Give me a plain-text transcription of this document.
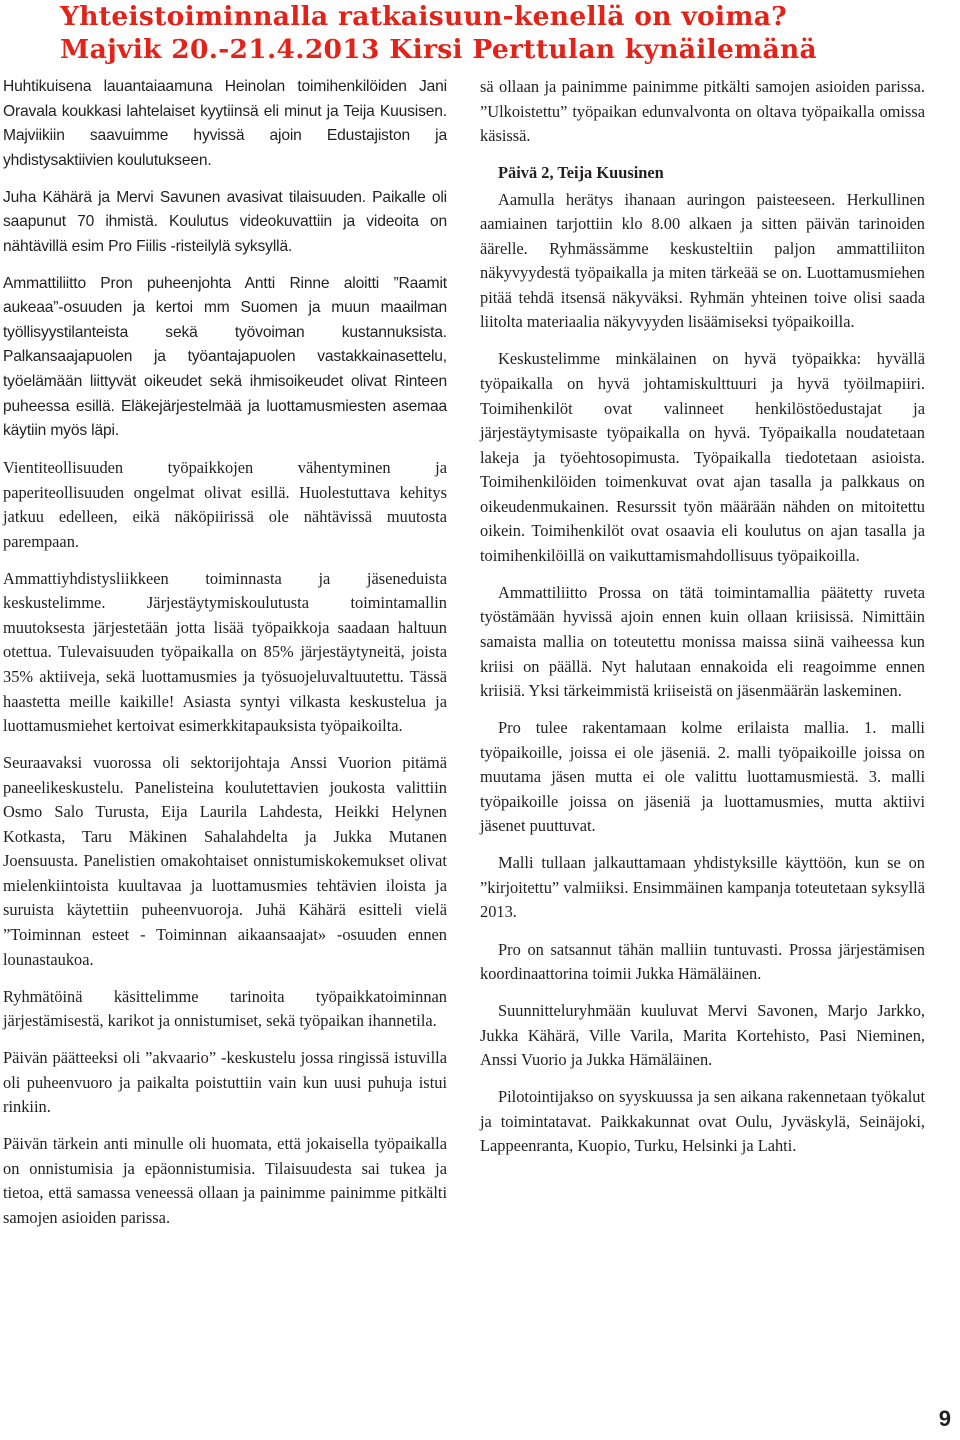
Yhteistoiminnalla ratkaisuun-kenellä on voima?
Majvik 20.-21.4.2013 Kirsi Perttulan kynäilemänä

Huhtikuisena lauantaiaamuna Heinolan toimihenkilöiden Jani Oravala koukkasi lahtelaiset kyytiinsä eli minut ja Teija Kuusisen. Majviikiin saavuimme hyvissä ajoin Edustajiston ja yhdistysaktiivien koulutukseen.

Juha Kähärä ja Mervi Savunen avasivat tilaisuuden. Paikalle oli saapunut 70 ihmistä. Koulutus videokuvattiin ja videoita on nähtävillä esim Pro Fiilis -risteilylä syksyllä.

Ammattiliitto Pron puheenjohta Antti Rinne aloitti ”Raamit aukeaa”-osuuden ja kertoi mm Suomen ja muun maailman työllisyystilanteista sekä työvoiman kustannuksista. Palkansaajapuolen ja työantajapuolen vastakkainasettelu, työelämään liittyvät oikeudet sekä ihmisoikeudet olivat Rinteen puheessa esillä. Eläkejärjestelmää ja luottamusmiesten asemaa käytiin myös läpi.

Vientiteollisuuden työpaikkojen vähentyminen ja paperiteollisuuden ongelmat olivat esillä. Huolestuttava kehitys jatkuu edelleen, eikä näköpiirissä ole nähtävissä muutosta parempaan.

Ammattiyhdistysliikkeen toiminnasta ja jäseneduista keskustelimme. Järjestäytymiskoulutusta toimintamallin muutoksesta järjestetään jotta lisää työpaikkoja saadaan haltuun otettua. Tulevaisuuden työpaikalla on 85% järjestäytyneitä, joista 35% aktiiveja, sekä luottamusmies ja työsuojeluvaltuutettu. Tässä haastetta meille kaikille! Asiasta syntyi vilkasta keskustelua ja luottamusmiehet kertoivat esimerkkitapauksista työpaikoilta.

Seuraavaksi vuorossa oli sektorijohtaja Anssi Vuorion pitämä paneelikeskustelu. Panelisteina koulutettavien joukosta valittiin Osmo Salo Turusta, Eija Laurila Lahdesta, Heikki Helynen Kotkasta, Taru Mäkinen Sahalahdelta ja Jukka Mutanen Joensuusta. Panelistien omakohtaiset onnistumiskokemukset olivat mielenkiintoista kuultavaa ja luottamusmies tehtävien iloista ja suruista käytettiin puheenvuoroja. Juhä Kähärä esitteli vielä ”Toiminnan esteet - Toiminnan aikaansaajat» -osuuden ennen lounastaukoa.

Ryhmätöinä käsittelimme tarinoita työpaikkatoiminnan järjestämisestä, karikot ja onnistumiset, sekä työpaikan ihannetila.

Päivän päätteeksi oli ”akvaario” -keskustelu jossa ringissä istuvilla oli puheenvuoro ja paikalta poistuttiin vain kun uusi puhuja istui rinkiin.

Päivän tärkein anti minulle oli huomata, että jokaisella työpaikalla on onnistumisia ja epäonnistumisia. Tilaisuudesta sai tukea ja tietoa, että samassa veneessä ollaan ja painimme painimme pitkälti samojen asioiden parissa.

sä ollaan ja painimme painimme pitkälti samojen asioiden parissa. ”Ulkoistettu” työpaikan edunvalvonta on oltava työpaikalla omissa käsissä.

Päivä 2, Teija Kuusinen

Aamulla herätys ihanaan auringon paisteeseen. Herkullinen aamiainen tarjottiin klo 8.00 alkaen ja sitten päivän tarinoiden äärelle. Ryhmässämme keskusteltiin paljon ammattiliiton näkyvyydestä työpaikalla ja miten tärkeää se on. Luottamusmiehen pitää tehdä itsensä näkyväksi. Ryhmän yhteinen toive olisi saada liitolta materiaalia näkyvyyden lisäämiseksi työpaikoilla.

Keskustelimme minkälainen on hyvä työpaikka: hyvällä työpaikalla on hyvä johtamiskulttuuri ja hyvä työilmapiiri. Toimihenkilöt ovat valinneet henkilöstöedustajat ja järjestäytymisaste työpaikalla on hyvä. Työpaikalla noudatetaan lakeja ja työehtosopimusta. Työpaikalla tiedotetaan asioista. Toimihenkilöiden toimenkuvat ovat ajan tasalla ja palkkaus on oikeudenmukainen. Resurssit työn määrään nähden on mitoitettu oikein. Toimihenkilöt ovat osaavia eli koulutus on ajan tasalla ja toimihenkilöillä on vaikuttamismahdollisuus työpaikoilla.

Ammattiliitto Prossa on tätä toimintamallia päätetty ruveta työstämään hyvissä ajoin ennen kuin ollaan kriisissä. Nimittäin samaista mallia on toteutettu monissa maissa siinä vaiheessa kun kriisi on päällä. Nyt halutaan ennakoida eli reagoimme ennen kriisiä. Yksi tärkeimmistä kriiseistä on jäsenmäärän laskeminen.

Pro tulee rakentamaan kolme erilaista mallia. 1. malli työpaikoille, joissa ei ole jäseniä. 2. malli työpaikoille joissa on muutama jäsen mutta ei ole valittu luottamusmiestä. 3. malli työpaikoille joissa on jäseniä ja luottamusmies, mutta aktiivi jäsenet puuttuvat.

Malli tullaan jalkauttamaan yhdistyksille käyttöön, kun se on ”kirjoitettu” valmiiksi. Ensimmäinen kampanja toteutetaan syksyllä 2013.

Pro on satsannut tähän malliin tuntuvasti. Prossa järjestämisen koordinaattorina toimii Jukka Hämäläinen.

Suunnitteluryhmään kuuluvat Mervi Savonen, Marjo Jarkko, Jukka Kähärä, Ville Varila, Marita Kortehisto, Pasi Nieminen, Anssi Vuorio ja Jukka Hämäläinen.

Pilotointijakso on syyskuussa ja sen aikana rakennetaan työkalut ja toimintatavat. Paikkakunnat ovat Oulu, Jyväskylä, Seinäjoki, Lappeenranta, Kuopio, Turku, Helsinki ja Lahti.

9
